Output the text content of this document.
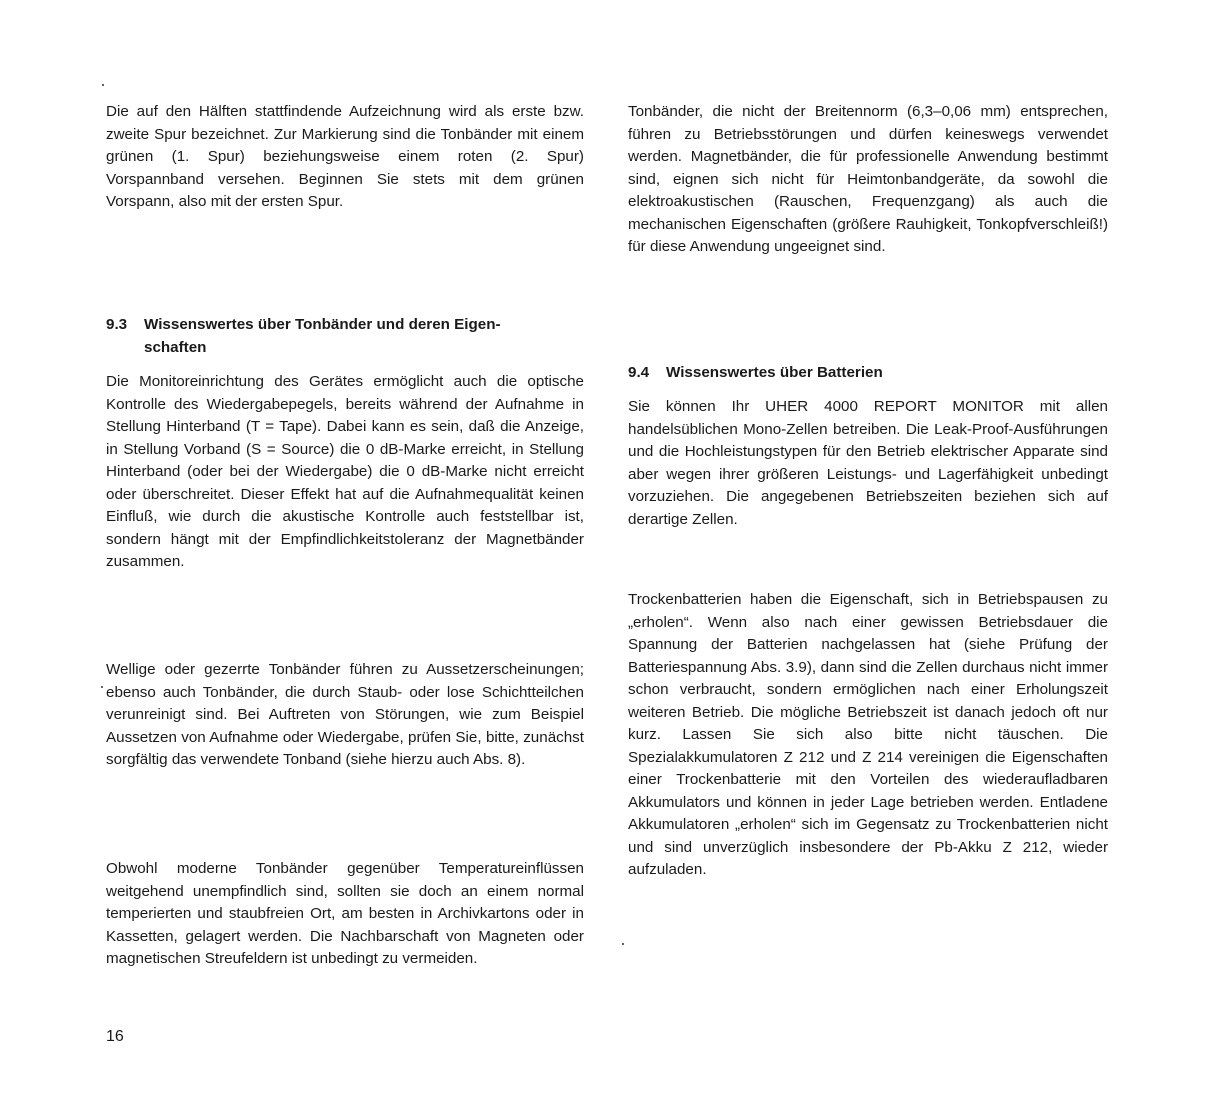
Die auf den Hälften stattfindende Aufzeichnung wird als erste bzw. zweite Spur bezeichnet. Zur Markierung sind die Tonbänder mit einem grünen (1. Spur) beziehungsweise einem roten (2. Spur) Vorspannband versehen. Beginnen Sie stets mit dem grünen Vorspann, also mit der ersten Spur.

9.3 Wissenswertes über Tonbänder und deren Eigen-
schaften

Die Monitoreinrichtung des Gerätes ermöglicht auch die optische Kontrolle des Wiedergabepegels, bereits während der Aufnahme in Stellung Hinterband (T = Tape). Dabei kann es sein, daß die Anzeige, in Stellung Vorband (S = Source) die 0 dB-Marke erreicht, in Stellung Hinterband (oder bei der Wiedergabe) die 0 dB-Marke nicht erreicht oder überschreitet. Dieser Effekt hat auf die Aufnahmequalität keinen Einfluß, wie durch die akustische Kontrolle auch feststellbar ist, sondern hängt mit der Empfindlichkeitstoleranz der Magnetbänder zusammen.

Wellige oder gezerrte Tonbänder führen zu Aussetzerscheinungen; ebenso auch Tonbänder, die durch Staub- oder lose Schichtteilchen verunreinigt sind. Bei Auftreten von Störungen, wie zum Beispiel Aussetzen von Aufnahme oder Wiedergabe, prüfen Sie, bitte, zunächst sorgfältig das verwendete Tonband (siehe hierzu auch Abs. 8).

Obwohl moderne Tonbänder gegenüber Temperatureinflüssen weitgehend unempfindlich sind, sollten sie doch an einem normal temperierten und staubfreien Ort, am besten in Archivkartons oder in Kassetten, gelagert werden. Die Nachbarschaft von Magneten oder magnetischen Streufeldern ist unbedingt zu vermeiden.

Tonbänder, die nicht der Breitennorm (6,3–0,06 mm) entsprechen, führen zu Betriebsstörungen und dürfen keineswegs verwendet werden. Magnetbänder, die für professionelle Anwendung bestimmt sind, eignen sich nicht für Heimtonbandgeräte, da sowohl die elektroakustischen (Rauschen, Frequenzgang) als auch die mechanischen Eigenschaften (größere Rauhigkeit, Tonkopfverschleiß!) für diese Anwendung ungeeignet sind.

9.4 Wissenswertes über Batterien

Sie können Ihr UHER 4000 REPORT MONITOR mit allen handelsüblichen Mono-Zellen betreiben. Die Leak-Proof-Ausführungen und die Hochleistungstypen für den Betrieb elektrischer Apparate sind aber wegen ihrer größeren Leistungs- und Lagerfähigkeit unbedingt vorzuziehen. Die angegebenen Betriebszeiten beziehen sich auf derartige Zellen.

Trockenbatterien haben die Eigenschaft, sich in Betriebspausen zu „erholen“. Wenn also nach einer gewissen Betriebsdauer die Spannung der Batterien nachgelassen hat (siehe Prüfung der Batteriespannung Abs. 3.9), dann sind die Zellen durchaus nicht immer schon verbraucht, sondern ermöglichen nach einer Erholungszeit weiteren Betrieb. Die mögliche Betriebszeit ist danach jedoch oft nur kurz. Lassen Sie sich also bitte nicht täuschen. Die Spezialakkumulatoren Z 212 und Z 214 vereinigen die Eigenschaften einer Trockenbatterie mit den Vorteilen des wiederaufladbaren Akkumulators und können in jeder Lage betrieben werden. Entladene Akkumulatoren „erholen“ sich im Gegensatz zu Trockenbatterien nicht und sind unverzüglich insbesondere der Pb-Akku Z 212, wieder aufzuladen.

16
